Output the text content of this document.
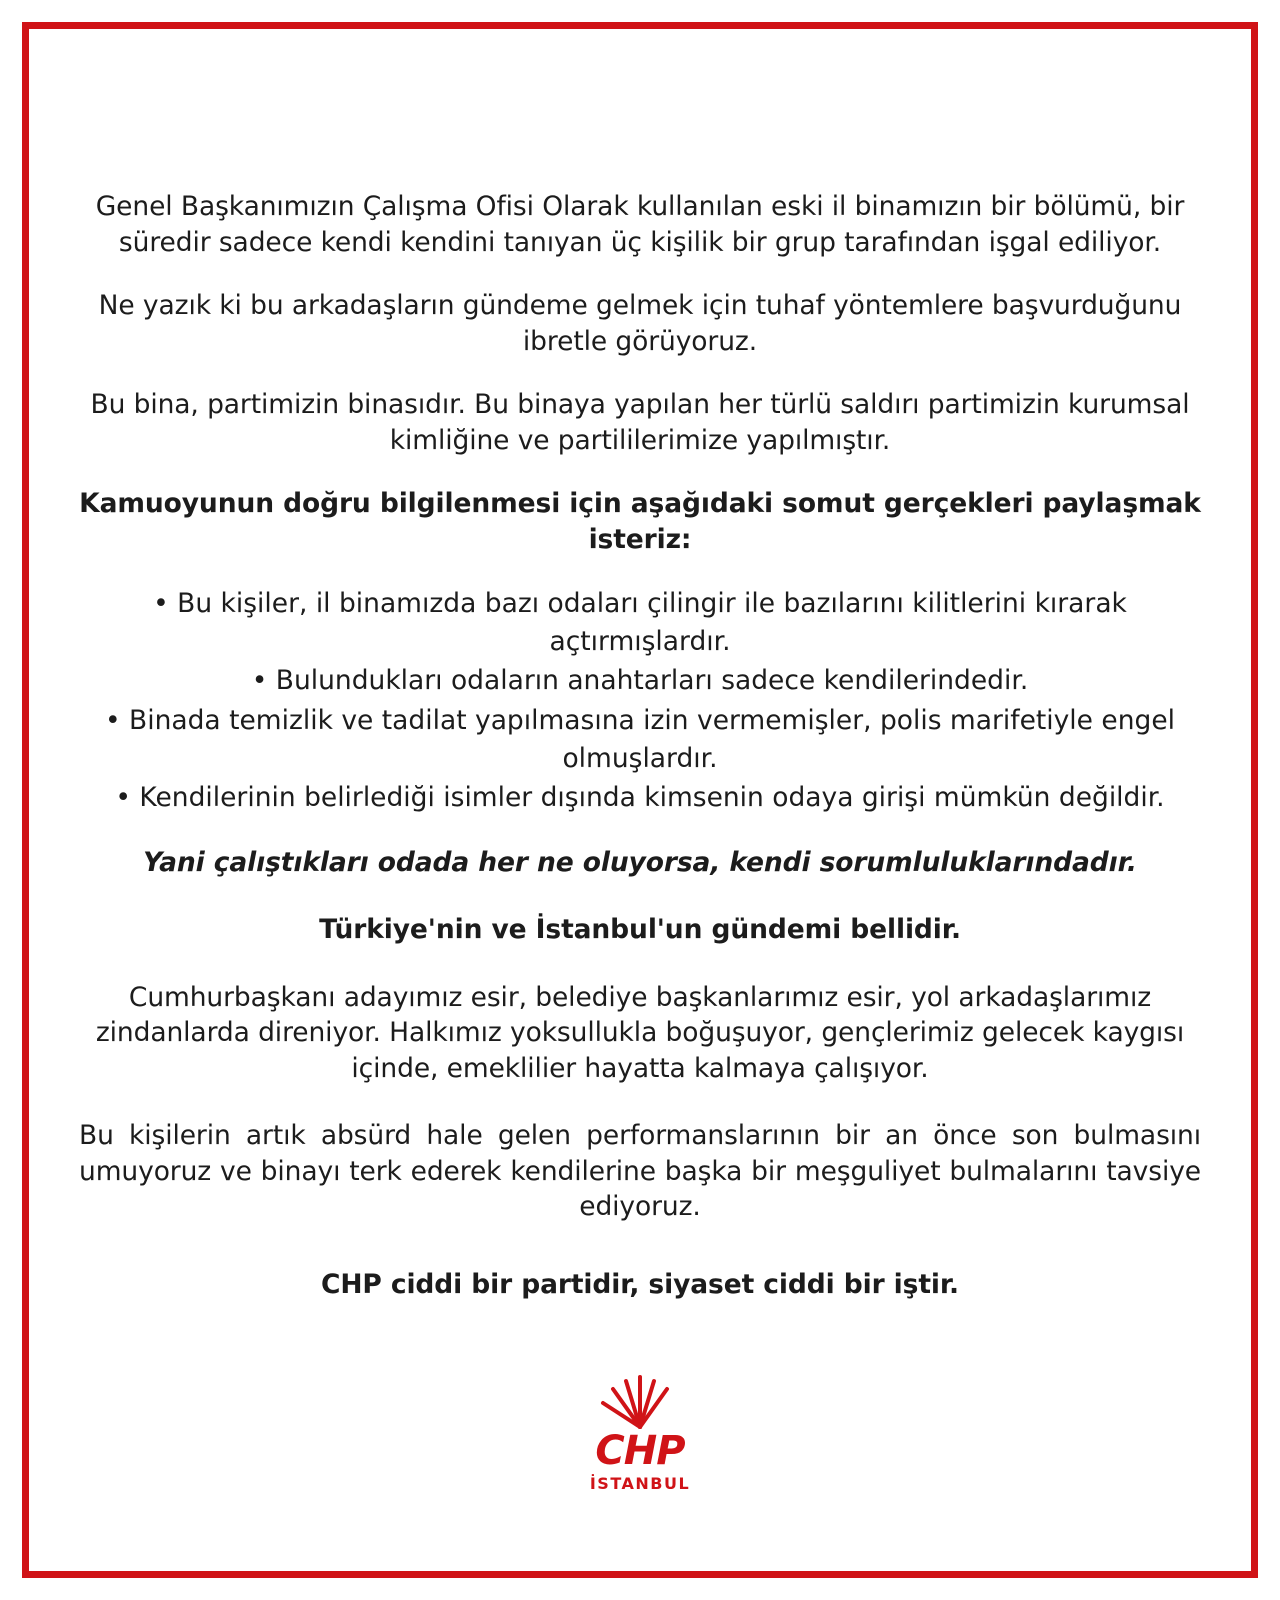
Genel Başkanımızın Çalışma Ofisi Olarak kullanılan eski il binamızın bir bölümü, bir süredir sadece kendi kendini tanıyan üç kişilik bir grup tarafından işgal ediliyor.
Ne yazık ki bu arkadaşların gündeme gelmek için tuhaf yöntemlere başvurduğunu ibretle görüyoruz.
Bu bina, partimizin binasıdır. Bu binaya yapılan her türlü saldırı partimizin kurumsal kimliğine ve partililerimize yapılmıştır.
Kamuoyunun doğru bilgilenmesi için aşağıdaki somut gerçekleri paylaşmak isteriz:
• Bu kişiler, il binamızda bazı odaları çilingir ile bazılarını kilitlerini kırarak açtırmışlardır.
• Bulundukları odaların anahtarları sadece kendilerindedir.
• Binada temizlik ve tadilat yapılmasına izin vermemişler, polis marifetiyle engel olmuşlardır.
• Kendilerinin belirlediği isimler dışında kimsenin odaya girişi mümkün değildir.
Yani çalıştıkları odada her ne oluyorsa, kendi sorumluluklarındadır.
Türkiye'nin ve İstanbul'un gündemi bellidir.
Cumhurbaşkanı adayımız esir, belediye başkanlarımız esir, yol arkadaşlarımız zindanlarda direniyor. Halkımız yoksullukla boğuşuyor, gençlerimiz gelecek kaygısı içinde, emeklilier hayatta kalmaya çalışıyor.
Bu kişilerin artık absürd hale gelen performanslarının bir an önce son bulmasını umuyoruz ve binayı terk ederek kendilerine başka bir meşguliyet bulmalarını tavsiye ediyoruz.
CHP ciddi bir partidir, siyaset ciddi bir iştir.
CHP
İSTANBUL
